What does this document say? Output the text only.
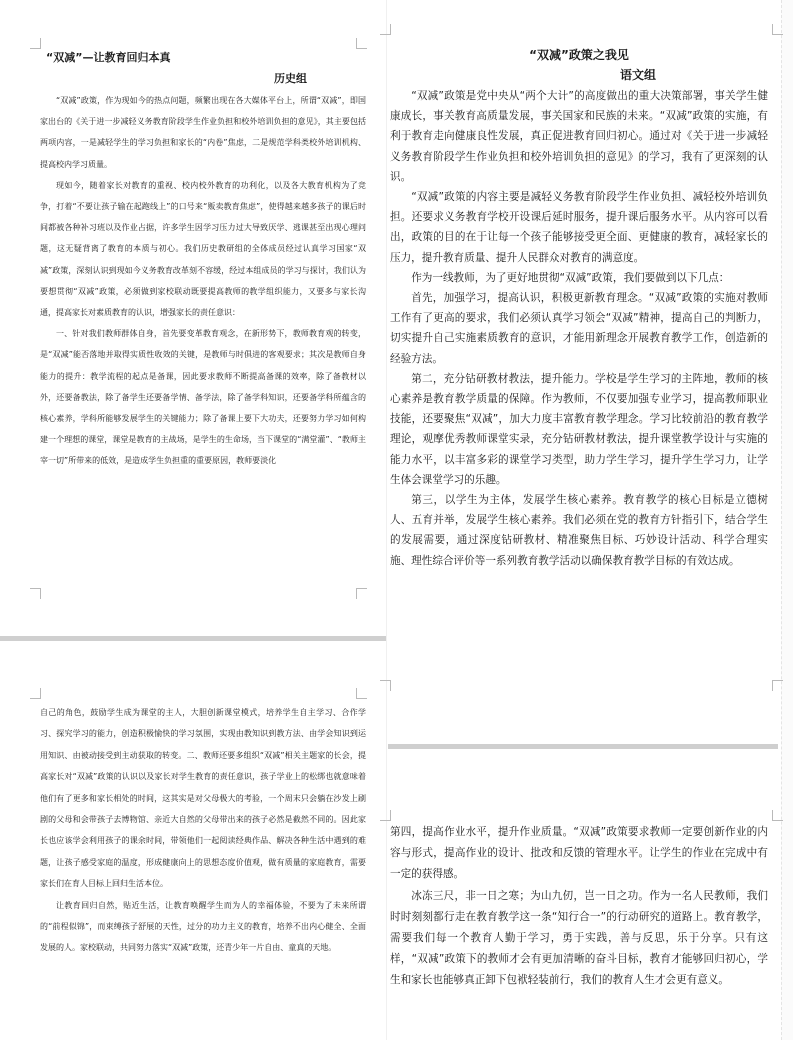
“双减”—让教育回归本真

历史组

“双减”政策，作为现如今的热点问题，频繁出现在各大媒体平台上，所谓“双减”，即国家出台的《关于进一步减轻义务教育阶段学生作业负担和校外培训负担的意见》，其主要包括两项内容，一是减轻学生的学习负担和家长的“内卷”焦虑，二是规范学科类校外培训机构、提高校内学习质量。

现如今，随着家长对教育的重视、校内校外教育的功利化，以及各大教育机构为了竞争，打着“不要让孩子输在起跑线上”的口号来“贩卖教育焦虑”，使得越来越多孩子的课后时间都被各种补习班以及作业占据，许多学生因学习压力过大导致厌学、逃课甚至出现心理问题，这无疑背离了教育的本质与初心。我们历史教研组的全体成员经过认真学习国家“双减”政策，深刻认识到现如今义务教育改革刻不容缓，经过本组成员的学习与探讨，我们认为要想贯彻“双减”政策，必须做到家校联动既要提高教师的教学组织能力，又要多与家长沟通，提高家长对素质教育的认识，增强家长的责任意识：

一、针对我们教师群体自身，首先要变革教育观念，在新形势下，教师教育观的转变，是“双减”能否落地并取得实质性收效的关键，是教师与时俱进的客观要求；其次是教师自身能力的提升：教学流程的起点是备课，因此要求教师不断提高备课的效率，除了备教材以外，还要备教法，除了备学生还要备学情、备学法，除了备学科知识，还要备学科所蕴含的核心素养，学科所能够发展学生的关键能力；除了备课上要下大功夫，还要努力学习如何构建一个理想的课堂，课堂是教育的主战场，是学生的生命场，当下课堂的“满堂灌”、“教师主宰一切”所带来的低效，是造成学生负担重的重要原因，教师要淡化

自己的角色，鼓励学生成为课堂的主人，大胆创新课堂模式，培养学生自主学习、合作学习、探究学习的能力，创造积极愉快的学习氛围，实现由教知识到教方法、由学会知识到运用知识、由被动接受到主动获取的转变。二、教师还要多组织“双减”相关主题家的长会，提高家长对“双减”政策的认识以及家长对学生教育的责任意识，孩子学业上的松绑也就意味着他们有了更多和家长相处的时间，这其实是对父母极大的考验，一个周末只会躺在沙发上刷剧的父母和会带孩子去博物馆、亲近大自然的父母带出来的孩子必然是截然不同的。因此家长也应该学会利用孩子的课余时间，带领他们一起阅读经典作品、解决各种生活中遇到的难题，让孩子感受家庭的温度，形成健康向上的思想态度价值观，做有质量的家庭教育，需要家长们在育人目标上回归生活本位。

让教育回归自然，贴近生活，让教育唤醒学生而为人的幸福体验，不要为了未来所谓的“前程似锦”，而束缚孩子舒展的天性，过分的功力主义的教育，培养不出内心健全、全面发展的人。家校联动，共同努力落实“双减”政策，还青少年一片自由、童真的天地。

“双减”政策之我见

语文组

“双减”政策是党中央从“两个大计”的高度做出的重大决策部署，事关学生健康成长，事关教育高质量发展，事关国家和民族的未来。“双减”政策的实施，有利于教育走向健康良性发展，真正促进教育回归初心。通过对《关于进一步减轻义务教育阶段学生作业负担和校外培训负担的意见》的学习，我有了更深刻的认识。

“双减”政策的内容主要是减轻义务教育阶段学生作业负担、减轻校外培训负担。还要求义务教育学校开设课后延时服务，提升课后服务水平。从内容可以看出，政策的目的在于让每一个孩子能够接受更全面、更健康的教育，减轻家长的压力，提升教育质量、提升人民群众对教育的满意度。

作为一线教师，为了更好地贯彻“双减”政策，我们要做到以下几点：

首先，加强学习，提高认识，积极更新教育理念。“双减”政策的实施对教师工作有了更高的要求，我们必须认真学习领会“双减”精神，提高自己的判断力，切实提升自己实施素质教育的意识，才能用新理念开展教育教学工作，创造新的经验方法。

第二，充分钻研教材教法，提升能力。学校是学生学习的主阵地，教师的核心素养是教育教学质量的保障。作为教师，不仅要加强专业学习，提高教师职业技能，还要聚焦“双减”，加大力度丰富教育教学理念。学习比较前沿的教育教学理论，观摩优秀教师课堂实录，充分钻研教材教法，提升课堂教学设计与实施的能力水平，以丰富多彩的课堂学习类型，助力学生学习，提升学生学习力，让学生体会课堂学习的乐趣。

第三，以学生为主体，发展学生核心素养。教育教学的核心目标是立德树人、五育并举，发展学生核心素养。我们必须在党的教育方针指引下，结合学生的发展需要，通过深度钻研教材、精准聚焦目标、巧妙设计活动、科学合理实施、理性综合评价等一系列教育教学活动以确保教育教学目标的有效达成。

第四，提高作业水平，提升作业质量。“双减”政策要求教师一定要创新作业的内容与形式，提高作业的设计、批改和反馈的管理水平。让学生的作业在完成中有一定的获得感。

冰冻三尺，非一日之寒；为山九仞，岂一日之功。作为一名人民教师，我们时时刻刻都行走在教育教学这一条“知行合一”的行动研究的道路上。教育教学，需要我们每一个教育人勤于学习，勇于实践，善与反思，乐于分享。只有这样，“双减”政策下的教师才会有更加清晰的奋斗目标，教育才能够回归初心，学生和家长也能够真正卸下包袱轻装前行，我们的教育人生才会更有意义。
